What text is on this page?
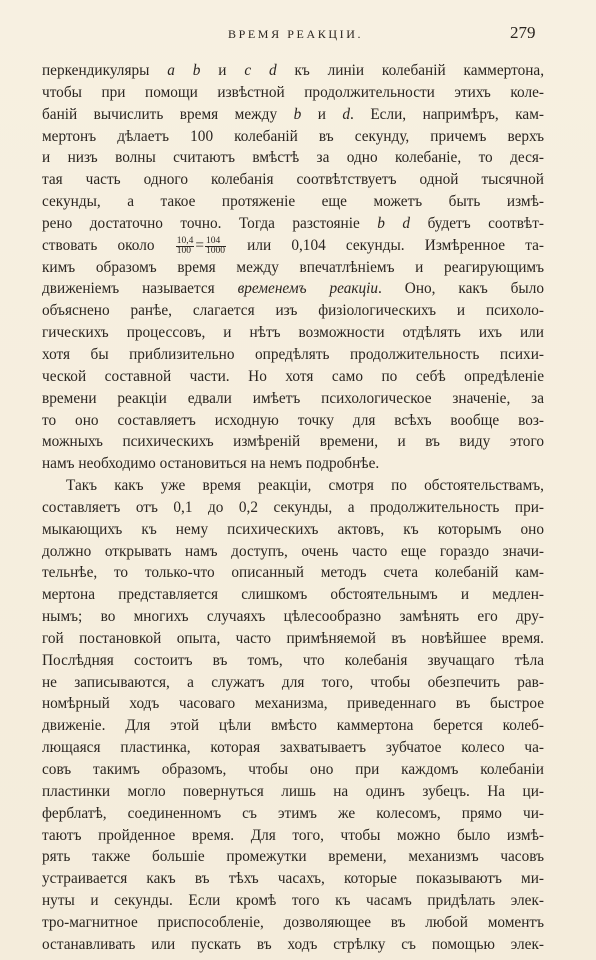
ВРЕМЯ РЕАКЦІИ.	279
перкендикуляры a b и c d къ линіи колебаній каммертона,
чтобы при помощи извѣстной продолжительности этихъ коле-
баній вычислить время между b и d. Если, напримѣръ, кам-
мертонъ дѣлаетъ 100 колебаній въ секунду, причемъ верхъ
и низъ волны считаютъ вмѣстѣ за одно колебаніе, то деся-
тая часть одного колебанія соотвѣтствуетъ одной тысячной
секунды, а такое протяженіе еще можетъ быть измѣ-
рено достаточно точно. Тогда разстояніе b d будетъ соотвѣт-
ствовать около $\frac{10,4}{100} = \frac{104}{1000}$ или 0,104 секунды. Измѣренное та-
кимъ образомъ время между впечатлѣніемъ и реагирующимъ
движеніемъ называется временемъ реакціи. Оно, какъ было
объяснено ранѣе, слагается изъ физіологическихъ и психоло-
гическихъ процессовъ, и нѣтъ возможности отдѣлять ихъ или
хотя бы приблизительно опредѣлять продолжительность психи-
ческой составной части. Но хотя само по себѣ опредѣленіе
времени реакціи едвали имѣетъ психологическое значеніе, за
то оно составляетъ исходную точку для всѣхъ вообще воз-
можныхъ психическихъ измѣреній времени, и въ виду этого
намъ необходимо остановиться на немъ подробнѣе.
Такъ какъ уже время реакціи, смотря по обстоятельствамъ,
составляетъ отъ 0,1 до 0,2 секунды, а продолжительность при-
мыкающихъ къ нему психическихъ актовъ, къ которымъ оно
должно открывать намъ доступъ, очень часто еще гораздо значи-
тельнѣе, то только-что описанный методъ счета колебаній кам-
мертона представляется слишкомъ обстоятельнымъ и медлен-
нымъ; во многихъ случаяхъ цѣлесообразно замѣнять его дру-
гой постановкой опыта, часто примѣняемой въ новѣйшее время.
Послѣдняя состоитъ въ томъ, что колебанія звучащаго тѣла
не записываются, а служатъ для того, чтобы обезпечить рав-
номѣрный ходъ часоваго механизма, приведеннаго въ быстрое
движеніе. Для этой цѣли вмѣсто каммертона берется колеб-
лющаяся пластинка, которая захватываетъ зубчатое колесо ча-
совъ такимъ образомъ, чтобы оно при каждомъ колебаніи
пластинки могло повернуться лишь на одинъ зубецъ. На ци-
ферблатѣ, соединенномъ съ этимъ же колесомъ, прямо чи-
таютъ пройденное время. Для того, чтобы можно было измѣ-
рять также большіе промежутки времени, механизмъ часовъ
устраивается какъ въ тѣхъ часахъ, которые показываютъ ми-
нуты и секунды. Если кромѣ того къ часамъ придѣлать элек-
тро-магнитное приспособленіе, дозволяющее въ любой моментъ
останавливать или пускать въ ходъ стрѣлку съ помощью элек-
